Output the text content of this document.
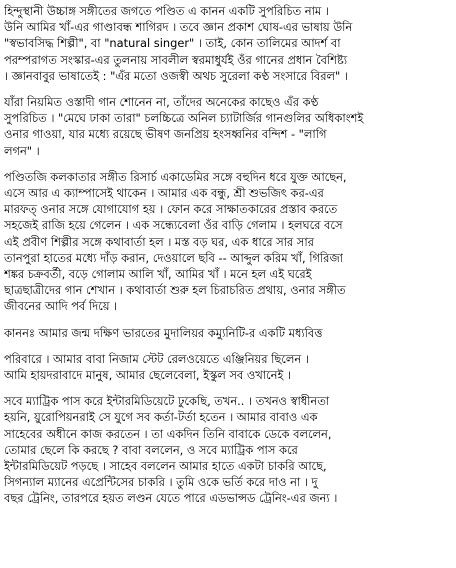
হিন্দুস্থানী উচ্চাঙ্গ সঙ্গীতের জগতে পণ্ডিত এ কানন একটি সুপরিচিত নাম ।
উনি আমির খাঁ-এর গাণ্ডাবন্ধ শাগিরদ । তবে জ্ঞান প্রকাশ ঘোষ-এর ভাষায় উনি
"স্বভাবসিদ্ধ শিল্পী", বা "natural singer" । তাই, কোন তালিমের আদর্শ বা
পরম্পরাগত সংস্কার-এর তুলনায় সাবলীল স্বরমাধুর্যই ওঁর গানের প্রধান বৈশিষ্ট্য
। জ্ঞানবাবুর ভাষাতেই : "এঁর মতো ওজস্বী অথচ সুরেলা কণ্ঠ সংসারে বিরল" ।
যাঁরা নিয়মিত ওস্তাদী গান শোনেন না, তাঁদের অনেকের কাছেও এঁর কণ্ঠ
সুপরিচিত । "মেঘে ঢাকা তারা" চলচ্চিত্রে অনিল চ্যাটার্জির গানগুলির অধিকাংশই
ওনার গাওয়া, যার মধ্যে রয়েছে ভীষণ জনপ্রিয় হংসধ্বনির বন্দিশ - "লাগি
লগন" ।
পণ্ডিতজি কলকাতার সঙ্গীত রিসার্চ একাডেমির সঙ্গে বহুদিন ধরে যুক্ত আছেন,
এসে আর এ ক্যাম্পাসেই থাকেন । আমার এক বন্ধু, শ্রী শুভজিৎ কর-এর
মারফত্‌ ওনার সঙ্গে যোগাযোগ হয় । ফোন করে সাক্ষাতকারের প্রস্তাব করতে
সহজেই রাজি হয়ে গেলেন । এক সন্ধ্যেবেলা ওঁর বাড়ি গেলাম । হলঘরে বসে
এই প্রবীণ শিল্পীর সঙ্গে কথাবার্তা হল । মস্ত বড় ঘর, এক ধারে সার সার
তানপুরা হাতের মধ্যে দাঁড় করান, দেওয়ালে ছবি -- আব্দুল করিম খাঁ, গিরিজা
শঙ্কর চক্রবর্তী, বড়ে গোলাম আলি খাঁ, আমির খাঁ । মনে হল এই ঘরেই
ছাত্রছাত্রীদের গান শেখান । কথাবার্তা শুরু হল চিরাচরিত প্রথায়, ওনার সঙ্গীত
জীবনের আদি পর্ব দিয়ে ।
কাননঃ আমার জন্ম দক্ষিণ ভারতের মুদালিয়র কম্যুনিটি-র একটি মধ্যবিত্ত
পরিবারে । আমার বাবা নিজাম স্টেট রেলওয়েতে এঞ্জিনিয়র ছিলেন ।
আমি হায়দরাবাদে মানুষ, আমার ছেলেবেলা, ইস্কুল সব ওখানেই ।
সবে ম্যাট্রিক পাস করে ইন্টারমিডিয়েটে ঢুকেছি, তখন.. । তখনও স্বাধীনতা
হয়নি, য়ুরোপিয়নরাই সে যুগে সব কর্তা-টর্তা হতেন । আমার বাবাও এক
সাহেবের অধীনে কাজ করতেন । তা একদিন তিনি বাবাকে ডেকে বললেন,
তোমার ছেলে কি করছে ? বাবা বললেন, ও সবে ম্যাট্রিক পাস করে
ইন্টারমিডিয়েট পড়ছে । সাহেব বললেন আমার হাতে একটা চাকরি আছে,
সিগন্যাল ম্যানের এপ্রেন্টিসের চাকরি । তুমি ওকে ভর্তি করে দাও না । দু
বছর ট্রেনিং, তারপরে হয়ত লণ্ডন যেতে পারে এডভান্সড ট্রেনিং-এর জন্য ।
